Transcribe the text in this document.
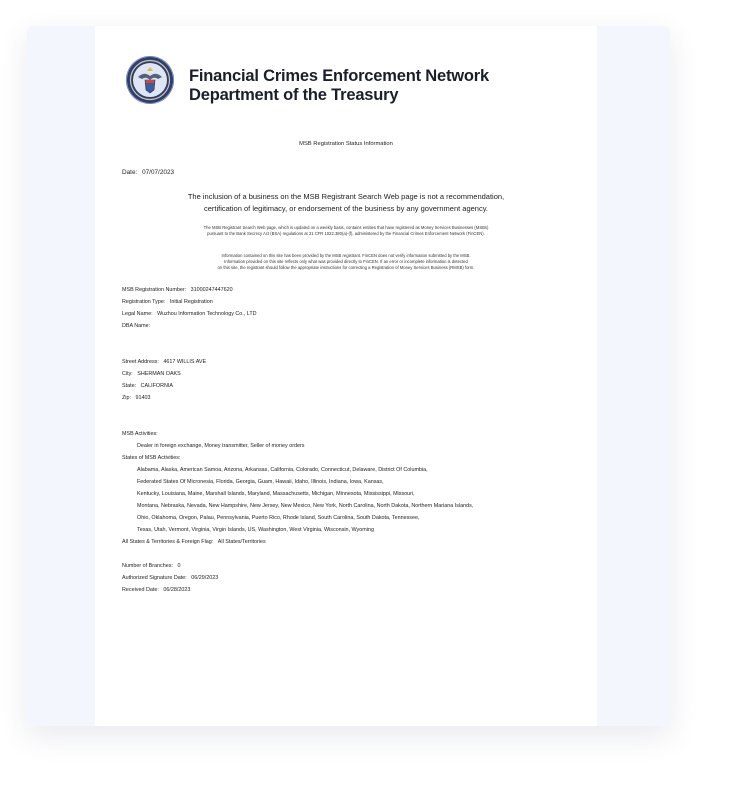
Financial Crimes Enforcement Network
Department of the Treasury
MSB Registration Status Information
Date: 07/07/2023
The inclusion of a business on the MSB Registrant Search Web page is not a recommendation,
certification of legitimacy, or endorsement of the business by any government agency.
The MSB Registrant Search Web page, which is updated on a weekly basis, contains entities that have registered as Money Services Businesses (MSBs)
pursuant to the Bank Secrecy Act (BSA) regulations at 31 CFR 1022.380(a)-(f), administered by the Financial Crimes Enforcement Network (FinCEN).
Information contained on this site has been provided by the MSB registrant. FinCEN does not verify information submitted by the MSB.
Information provided on this site reflects only what was provided directly to FinCEN. If an error or incomplete information is detected
on this site, the registrant should follow the appropriate instructions for correcting a Registration of Money Services Business (RMSB) form.
MSB Registration Number: 31000247447620
Registration Type: Initial Registration
Legal Name: Wuzhou Information Technology Co., LTD
DBA Name:
Street Address: 4617 WILLIS AVE
City: SHERMAN OAKS
State: CALIFORNIA
Zip: 91403
MSB Activities:
Dealer in foreign exchange, Money transmitter, Seller of money orders
States of MSB Activities:
Alabama, Alaska, American Samoa, Arizona, Arkansas, California, Colorado, Connecticut, Delaware, District Of Columbia,
Federated States Of Micronesia, Florida, Georgia, Guam, Hawaii, Idaho, Illinois, Indiana, Iowa, Kansas,
Kentucky, Louisiana, Maine, Marshall Islands, Maryland, Massachusetts, Michigan, Minnesota, Mississippi, Missouri,
Montana, Nebraska, Nevada, New Hampshire, New Jersey, New Mexico, New York, North Carolina, North Dakota, Northern Mariana Islands,
Ohio, Oklahoma, Oregon, Palau, Pennsylvania, Puerto Rico, Rhode Island, South Carolina, South Dakota, Tennessee,
Texas, Utah, Vermont, Virginia, Virgin Islands, US, Washington, West Virginia, Wisconsin, Wyoming
All States & Territories & Foreign Flag: All States/Territories
Number of Branches: 0
Authorized Signature Date: 06/29/2023
Received Date: 06/28/2023
